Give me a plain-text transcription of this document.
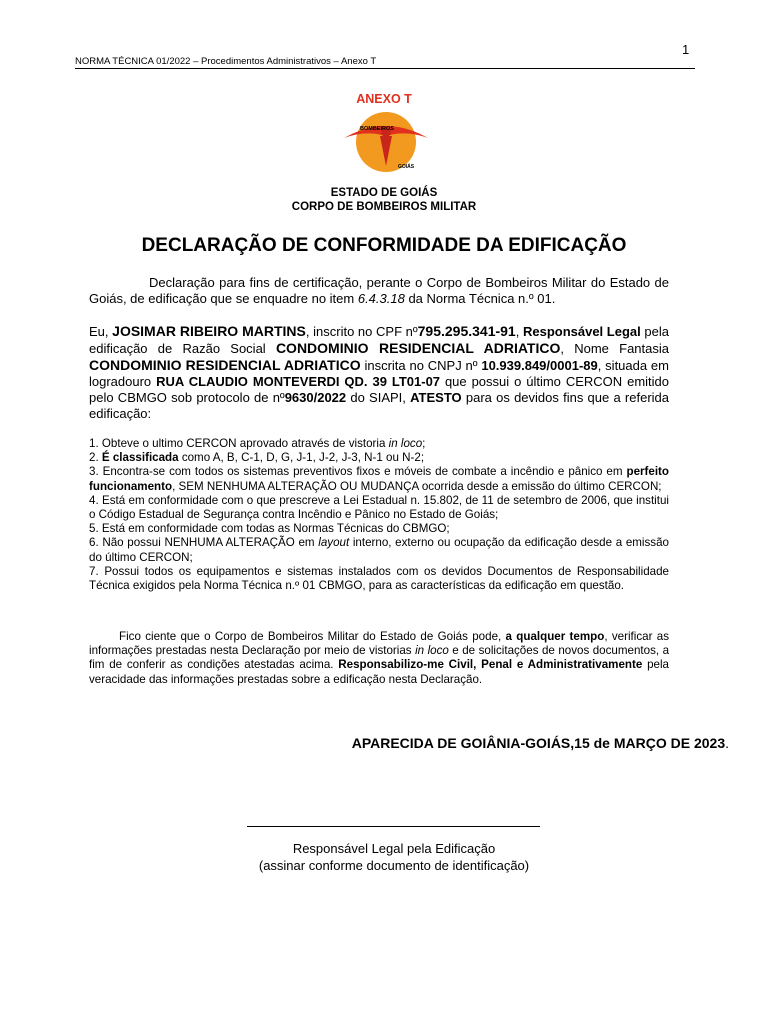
1
NORMA TÉCNICA 01/2022 – Procedimentos Administrativos – Anexo T
ANEXO T
BOMBEIROS
GOIÁS
ESTADO DE GOIÁS
CORPO DE BOMBEIROS MILITAR
DECLARAÇÃO DE CONFORMIDADE DA EDIFICAÇÃO
Declaração para fins de certificação, perante o Corpo de Bombeiros Militar do Estado de Goiás, de edificação que se enquadre no item 6.4.3.18 da Norma Técnica n.º 01.
Eu, JOSIMAR RIBEIRO MARTINS, inscrito no CPF nº795.295.341-91, Responsável Legal pela edificação de Razão Social CONDOMINIO RESIDENCIAL ADRIATICO, Nome Fantasia CONDOMINIO RESIDENCIAL ADRIATICO inscrita no CNPJ nº 10.939.849/0001-89, situada em logradouro RUA CLAUDIO MONTEVERDI QD. 39 LT01-07 que possui o último CERCON emitido pelo CBMGO sob protocolo de nº9630/2022 do SIAPI, ATESTO para os devidos fins que a referida edificação:

1. Obteve o ultimo CERCON aprovado através de vistoria in loco;

2. É classificada como A, B, C-1, D, G, J-1, J-2, J-3, N-1 ou N-2;

3. Encontra-se com todos os sistemas preventivos fixos e móveis de combate a incêndio e pânico em perfeito funcionamento, SEM NENHUMA ALTERAÇÃO OU MUDANÇA ocorrida desde a emissão do último CERCON;

4. Está em conformidade com o que prescreve a Lei Estadual n. 15.802, de 11 de setembro de 2006, que institui o Código Estadual de Segurança contra Incêndio e Pânico no Estado de Goiás;

5. Está em conformidade com todas as Normas Técnicas do CBMGO;

6. Não possui NENHUMA ALTERAÇÃO em layout interno, externo ou ocupação da edificação desde a emissão do último CERCON;

7. Possui todos os equipamentos e sistemas instalados com os devidos Documentos de Responsabilidade Técnica exigidos pela Norma Técnica n.º 01 CBMGO, para as características da edificação em questão.

Fico ciente que o Corpo de Bombeiros Militar do Estado de Goiás pode, a qualquer tempo, verificar as informações prestadas nesta Declaração por meio de vistorias in loco e de solicitações de novos documentos, a fim de conferir as condições atestadas acima. Responsabilizo-me Civil, Penal e Administrativamente pela veracidade das informações prestadas sobre a edificação nesta Declaração.
APARECIDA DE GOIÂNIA-GOIÁS,15 de MARÇO DE 2023.
Responsável Legal pela Edificação
(assinar conforme documento de identificação)
